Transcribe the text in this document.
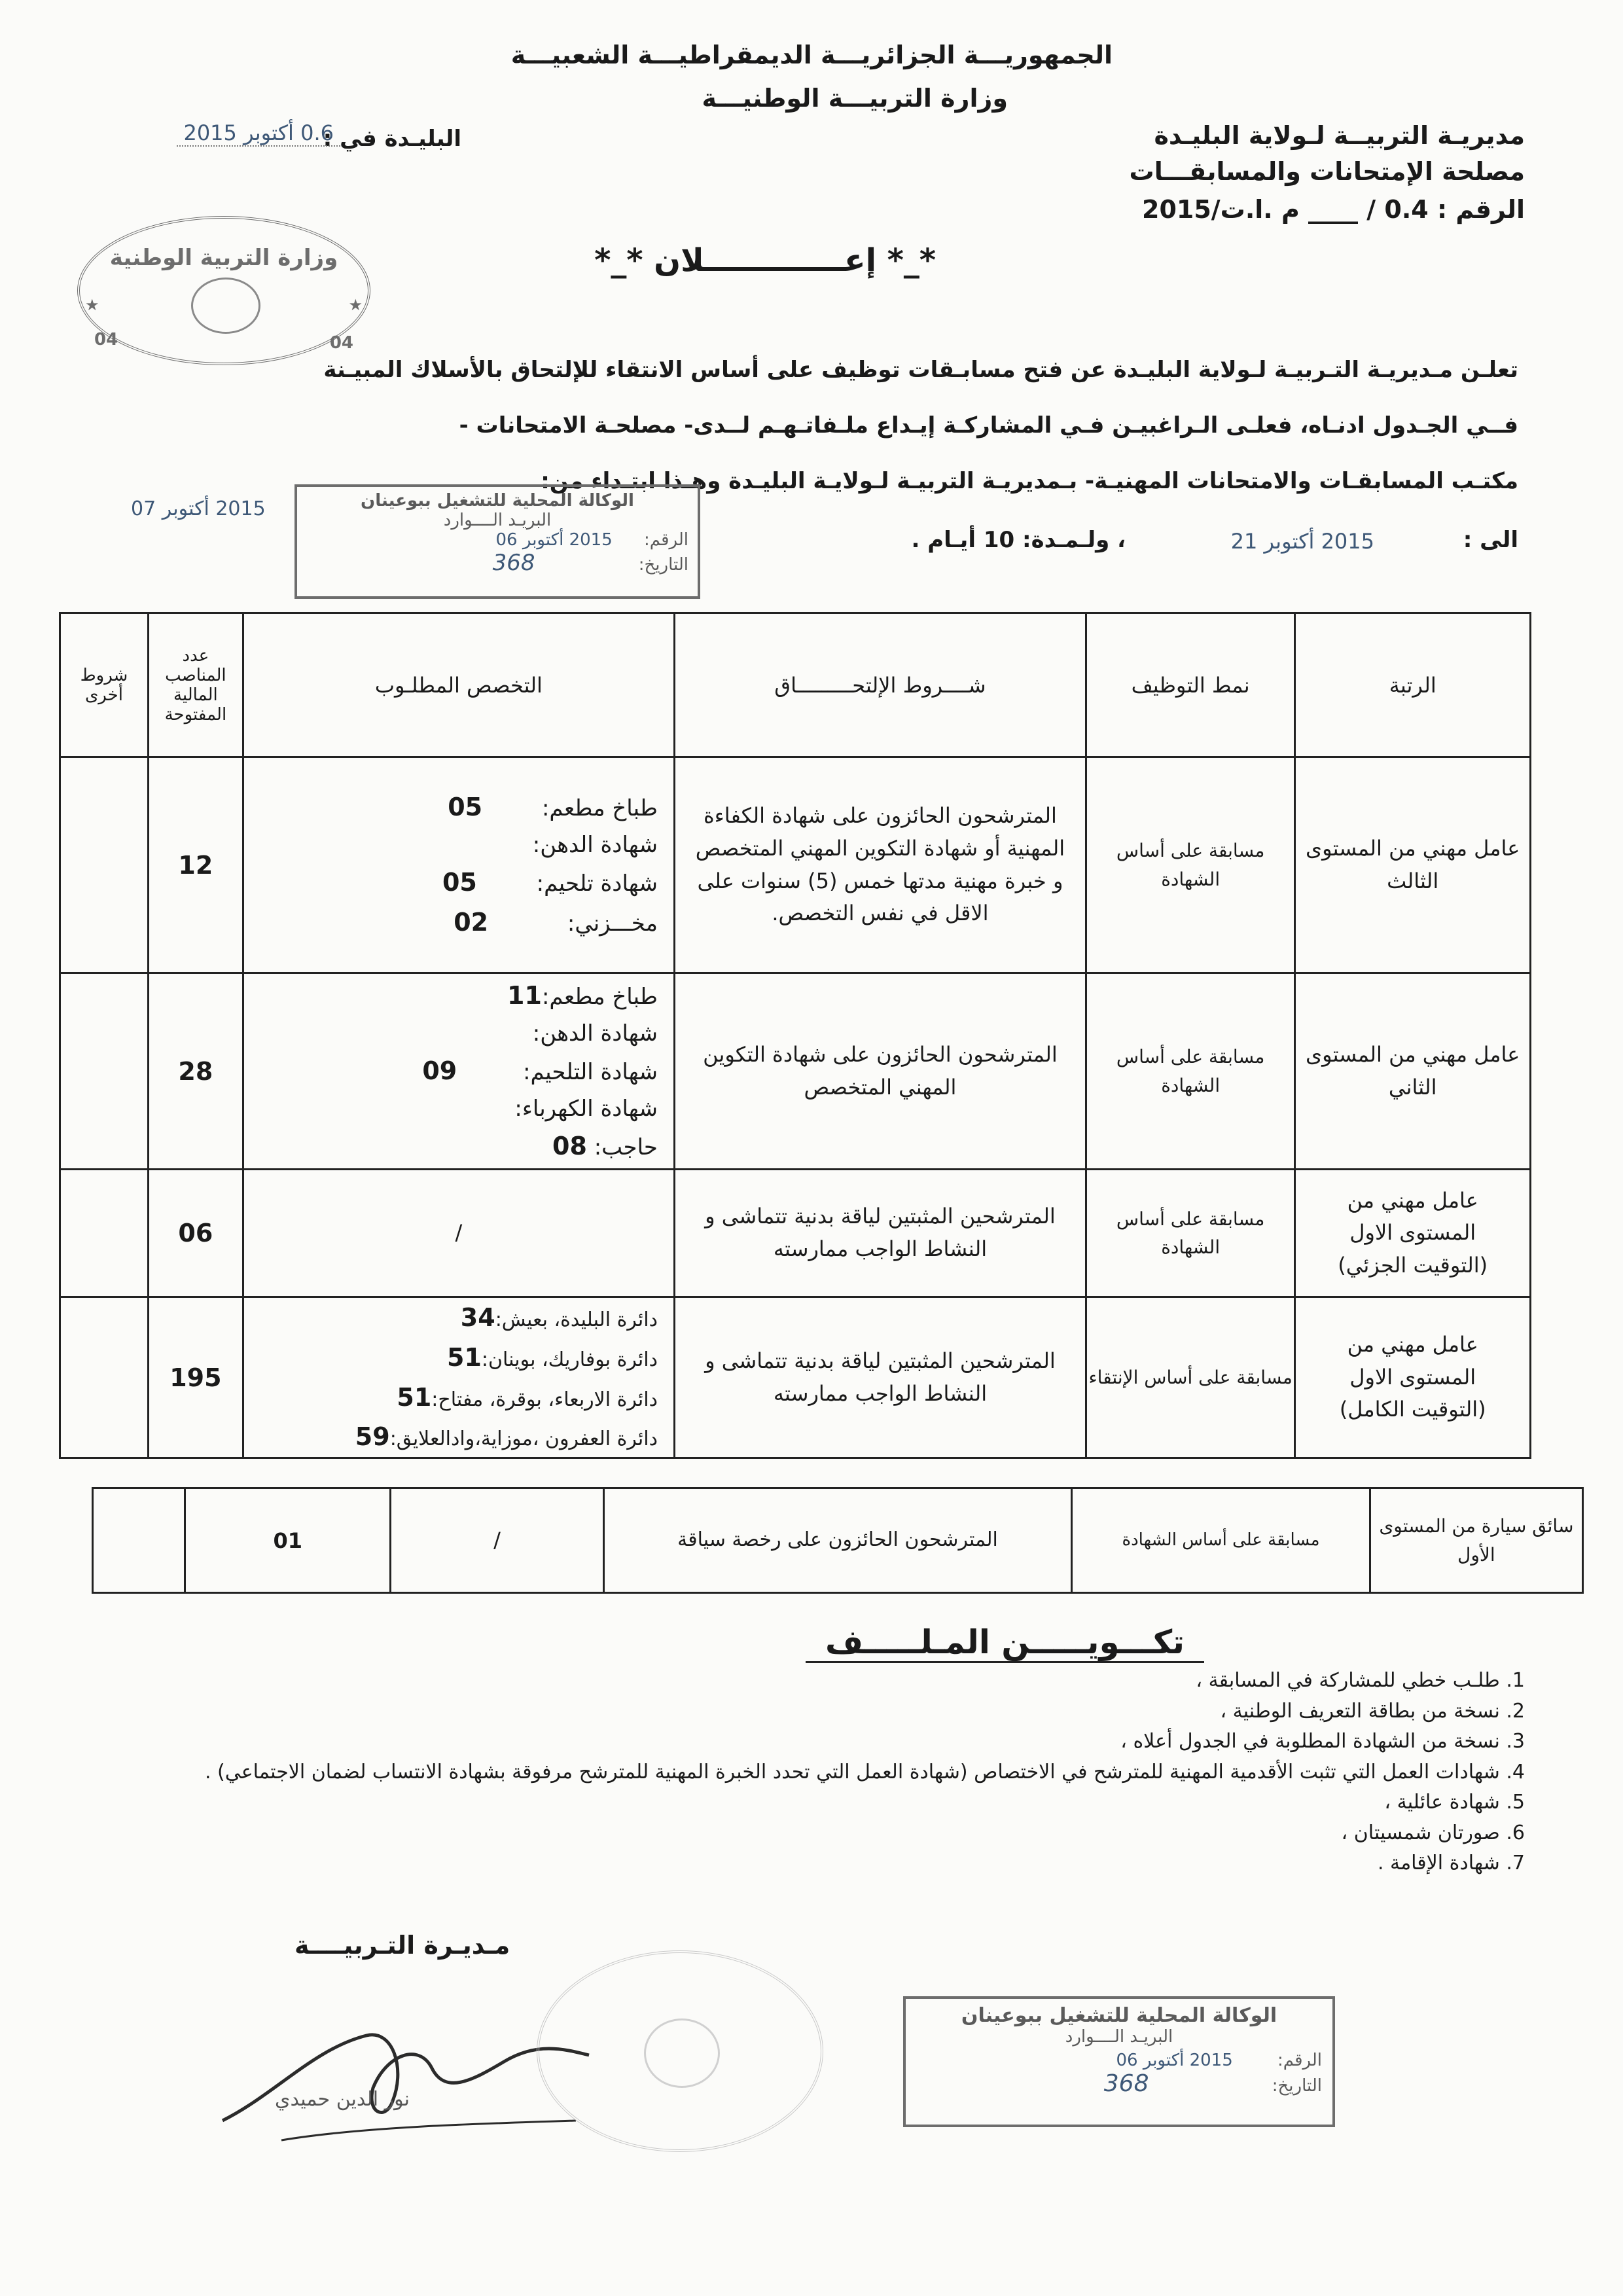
الجمهوريـــة الجزائريـــة الديمقراطيـــة الشعبيـــة
وزارة التربيـــة الوطنيـــة
مديريـة التربيــة لـولاية البليـدة
مصلحة الإمتحانات والمسابقـــات
الرقم : 0.4 / ____ م .ا.ت/2015
البليـدة في :
0.6 أكتوبر 2015
وزارة التربية الوطنية
04	04
★	★
*_* إعـــــــــــــلان *_*
تعلـن مـديريـة التـربيـة لـولاية البليـدة عن فتح مسابـقات توظيف على أساس الانتقاء للإلتحاق بالأسلاك المبيـنة
فــي الجـدول ادنـاه، فعلـى الـراغبيـن فـي المشاركـة إيـداع ملـفاتـهـم لــدى- مصلحـة الامتحانات -
مكتـب المسابقـات والامتحانات المهنيـة- بـمديريـة التربيـة لـولايـة البليـدة وهـذا ابتـداء من:
2015 أكتوبر 07
الى :
2015 أكتوبر 21
، ولـمـدة: 10 أيـام .
الوكالة المحلية للتشغيل ببوعينان
البريـد الــــوارد
الرقم: 2015 أكتوبر 06
التاريخ: 368
الرتبة	نمط التوظيف	شــــروط الإلتحـــــــــاق	التخصص المطلـوب	عدد المناصب المالية المفتوحة	شروط أخرى
عامل مهني من المستوى الثالث	مسابقة على أساس الشهادة	المترشحون الحائزون على شهادة الكفاءة المهنية أو شهادة التكوين المهني المتخصص و خبرة مهنية مدتها خمس (5) سنوات على الاقل في نفس التخصص.	طباخ مطعم: 05
شهادة الدهن:
شهادة تلحيم: 05
مخـــزني: 02	12	
عامل مهني من المستوى الثاني	مسابقة على أساس الشهادة	المترشحون الحائزون على شهادة التكوين المهني المتخصص	طباخ مطعم:11
شهادة الدهن:
شهادة التلحيم: 09
شهادة الكهرباء:
حاجب: 08	28	
عامل مهني من المستوى الاول (التوقيت الجزئي)	مسابقة على أساس الشهادة	المترشحين المثبتين لياقة بدنية تتماشى و النشاط الواجب ممارسته	/	06	
عامل مهني من المستوى الاول (التوقيت الكامل)	مسابقة على أساس الإنتقاء	المترشحين المثبتين لياقة بدنية تتماشى و النشاط الواجب ممارسته	دائرة البليدة، بعيش:34
دائرة بوفاريك، بوينان:51
دائرة الاربعاء، بوقرة، مفتاح:51
دائرة العفرون ،موزاية،وادالعلايق:59	195	
سائق سيارة من المستوى الأول	مسابقة على أساس الشهادة	المترشحون الحائزون على رخصة سياقة	/	01	
تكـــويـــــن المـلـــــف
1. طلـب خطي للمشاركة في المسابقة ،
2. نسخة من بطاقة التعريف الوطنية ،
3. نسخة من الشهادة المطلوبة في الجدول أعلاه ،
4. شهادات العمل التي تثبت الأقدمية المهنية للمترشح في الاختصاص (شهادة العمل التي تحدد الخبرة المهنية للمترشح مرفوقة بشهادة الانتساب لضمان الاجتماعي) .
5. شهادة عائلية ،
6. صورتان شمسيتان ،
7. شهادة الإقامة .
مـديـرة التـربيــــة
نور الدين حميدي
الوكالة المحلية للتشغيل ببوعينان
البريـد الــــوارد
الرقم: 2015 أكتوبر 06
التاريخ: 368
